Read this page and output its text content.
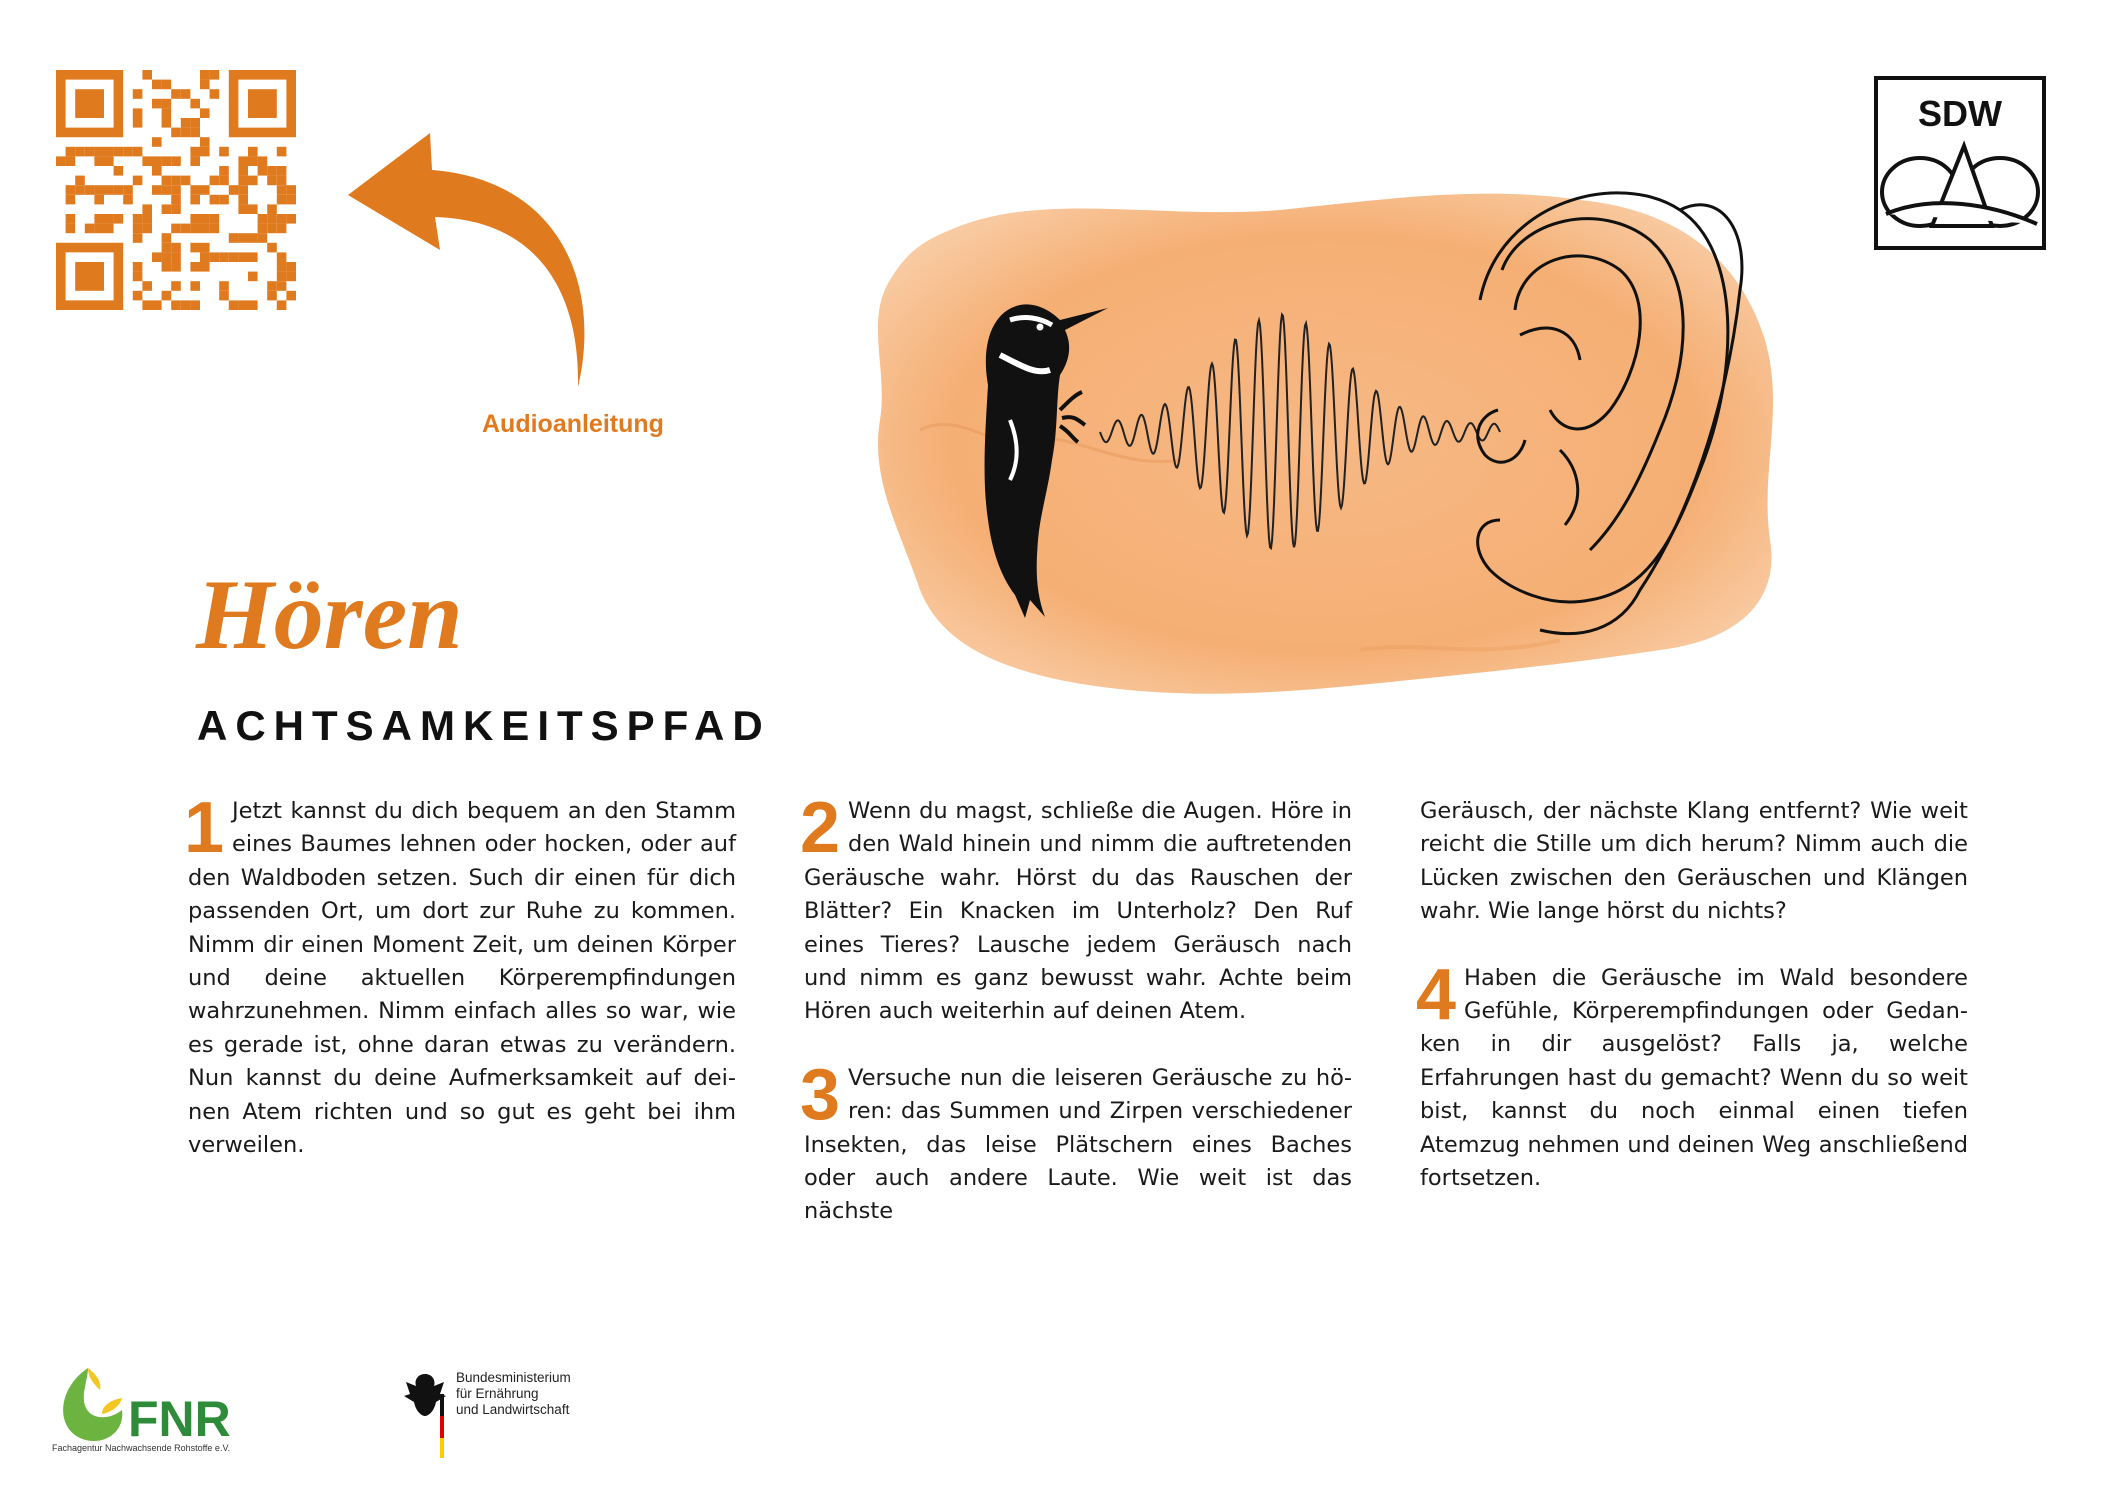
Audioanleitung
SDW
Hören
ACHTSAMKEITSPFAD

1 Jetzt kannst du dich bequem an den Stamm eines Baumes lehnen oder hocken, oder auf den Waldboden setzen. Such dir einen für dich passenden Ort, um dort zur Ruhe zu kommen. Nimm dir einen Moment Zeit, um deinen Körper und deine aktuellen Körperempfindungen wahrzunehmen. Nimm einfach alles so war, wie es gerade ist, ohne daran etwas zu verändern. Nun kannst du deine Aufmerksamkeit auf deinen Atem richten und so gut es geht bei ihm verweilen.

2 Wenn du magst, schließe die Augen. Höre in den Wald hinein und nimm die auftretenden Geräusche wahr. Hörst du das Rauschen der Blätter? Ein Knacken im Unterholz? Den Ruf eines Tieres? Lausche jedem Geräusch nach und nimm es ganz bewusst wahr. Achte beim Hören auch weiterhin auf deinen Atem.

3 Versuche nun die leiseren Geräusche zu hören: das Summen und Zirpen verschiedener Insekten, das leise Plätschern eines Baches oder auch andere Laute. Wie weit ist das nächste

Geräusch, der nächste Klang entfernt? Wie weit reicht die Stille um dich herum? Nimm auch die Lücken zwischen den Geräuschen und Klängen wahr. Wie lange hörst du nichts?

4 Haben die Geräusche im Wald besondere Gefühle, Körperempfindungen oder Gedanken in dir ausgelöst? Falls ja, welche Erfahrungen hast du gemacht? Wenn du so weit bist, kannst du noch einmal einen tiefen Atemzug nehmen und deinen Weg anschließend fortsetzen.

FNR
Fachagentur Nachwachsende Rohstoffe e.V.
Bundesministerium
für Ernährung
und Landwirtschaft
